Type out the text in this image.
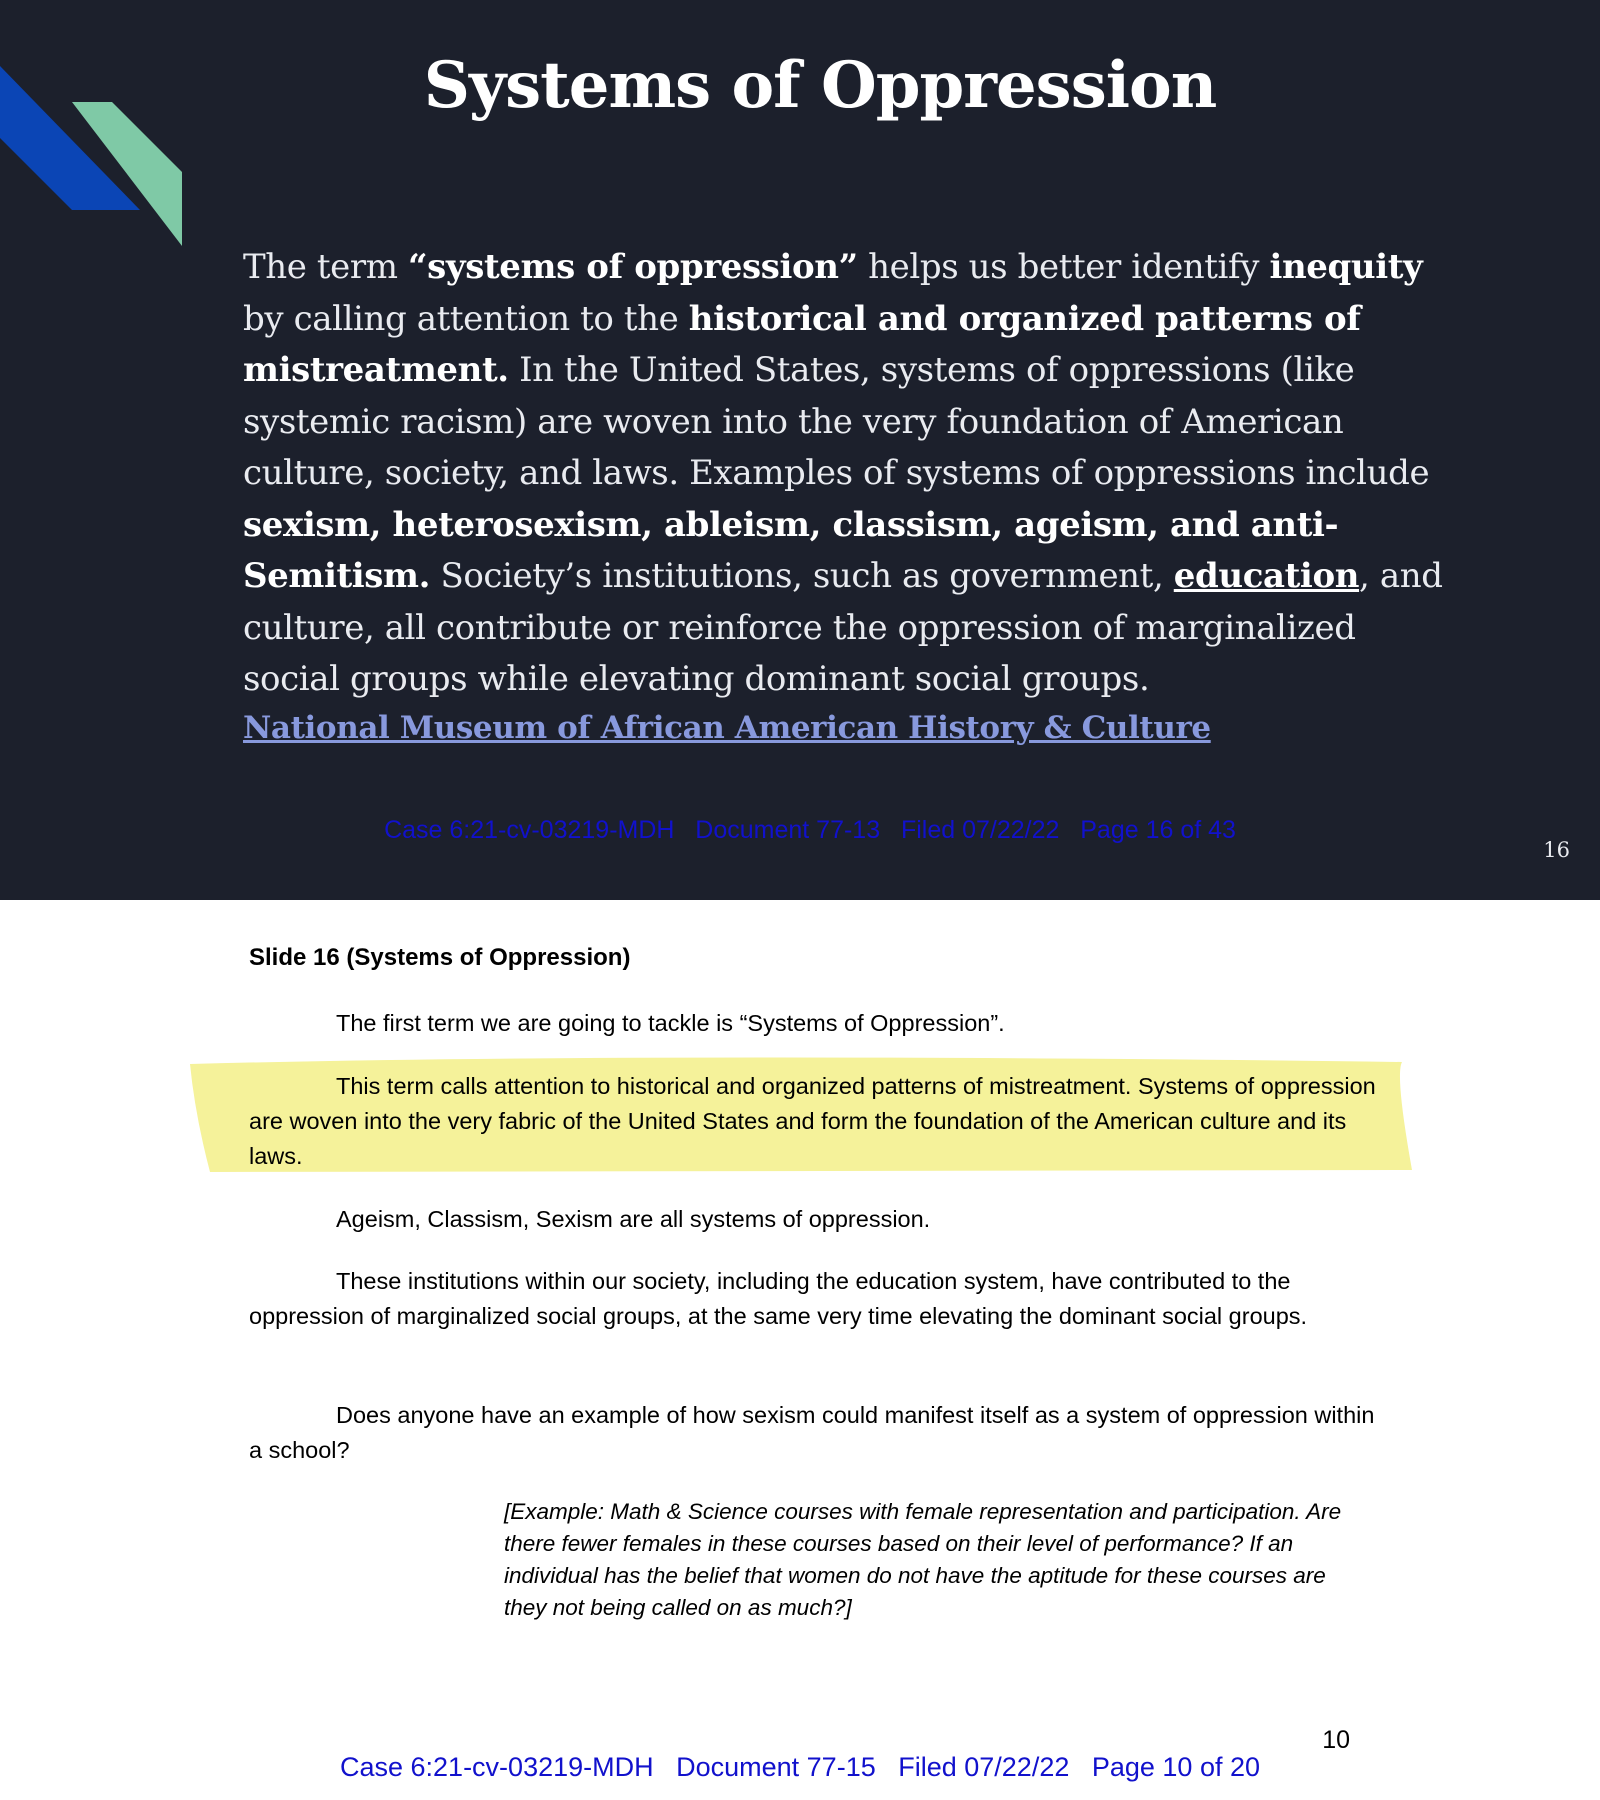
Systems of Oppression
The term “systems of oppression” helps us better identify inequity by calling attention to the historical and organized patterns of mistreatment. In the United States, systems of oppressions (like systemic racism) are woven into the very foundation of American culture, society, and laws. Examples of systems of oppressions include sexism, heterosexism, ableism, classism, ageism, and anti-Semitism. Society’s institutions, such as government, education, and culture, all contribute or reinforce the oppression of marginalized social groups while elevating dominant social groups.
National Museum of African American History & Culture
Case 6:21-cv-03219-MDH   Document 77-13   Filed 07/22/22   Page 16 of 43
16
Slide 16 (Systems of Oppression)
The first term we are going to tackle is “Systems of Oppression”.
This term calls attention to historical and organized patterns of mistreatment. Systems of oppression are woven into the very fabric of the United States and form the foundation of the American culture and its laws.
Ageism, Classism, Sexism are all systems of oppression.
These institutions within our society, including the education system, have contributed to the oppression of marginalized social groups, at the same very time elevating the dominant social groups.
Does anyone have an example of how sexism could manifest itself as a system of oppression within a school?
[Example: Math & Science courses with female representation and participation. Are there fewer females in these courses based on their level of performance? If an individual has the belief that women do not have the aptitude for these courses are they not being called on as much?]
10
Case 6:21-cv-03219-MDH   Document 77-15   Filed 07/22/22   Page 10 of 20
